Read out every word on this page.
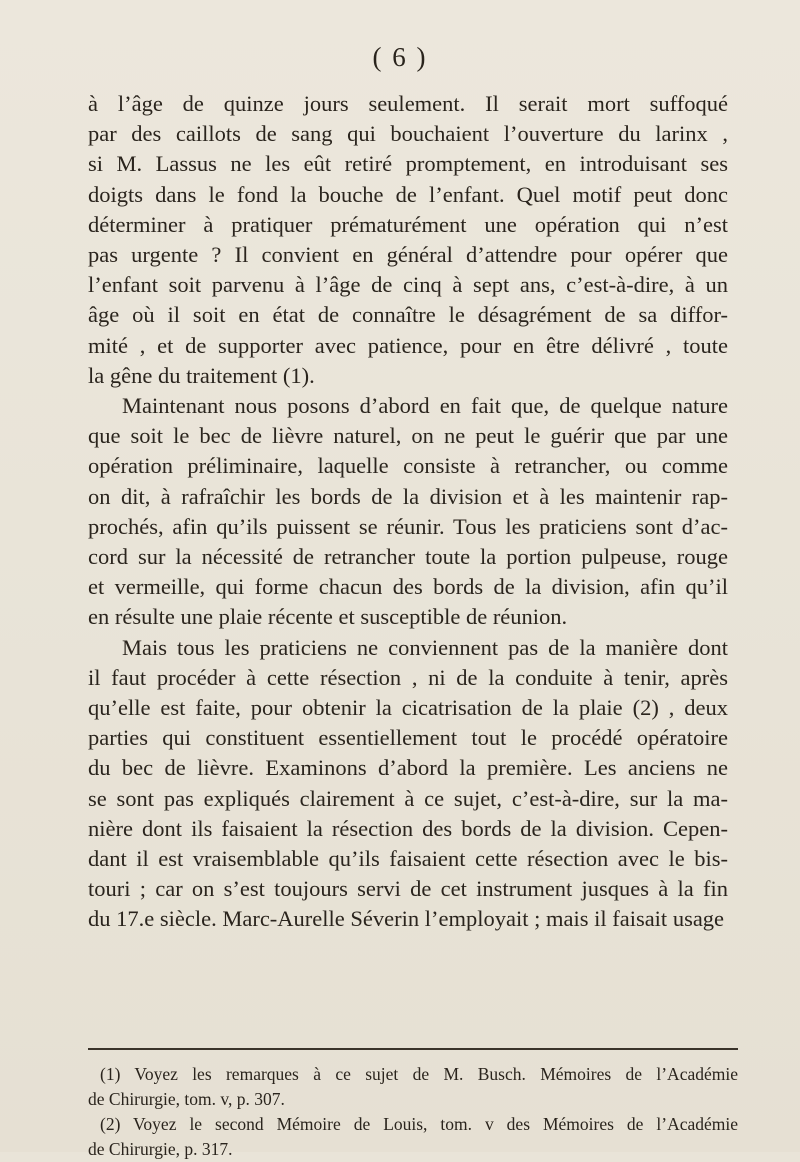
( 6 )

à l’âge de quinze jours seulement. Il serait mort suffoqué
par des caillots de sang qui bouchaient l’ouverture du larinx ,
si M. Lassus ne les eût retiré promptement, en introduisant ses
doigts dans le fond la bouche de l’enfant. Quel motif peut donc
déterminer à pratiquer prématurément une opération qui n’est
pas urgente ? Il convient en général d’attendre pour opérer que
l’enfant soit parvenu à l’âge de cinq à sept ans, c’est-à-dire, à un
âge où il soit en état de connaître le désagrément de sa diffor-
mité , et de supporter avec patience, pour en être délivré , toute
la gêne du traitement (1).

Maintenant nous posons d’abord en fait que, de quelque nature
que soit le bec de lièvre naturel, on ne peut le guérir que par une
opération préliminaire, laquelle consiste à retrancher, ou comme
on dit, à rafraîchir les bords de la division et à les maintenir rap-
prochés, afin qu’ils puissent se réunir. Tous les praticiens sont d’ac-
cord sur la nécessité de retrancher toute la portion pulpeuse, rouge
et vermeille, qui forme chacun des bords de la division, afin qu’il
en résulte une plaie récente et susceptible de réunion.

Mais tous les praticiens ne conviennent pas de la manière dont
il faut procéder à cette résection , ni de la conduite à tenir, après
qu’elle est faite, pour obtenir la cicatrisation de la plaie (2) , deux
parties qui constituent essentiellement tout le procédé opératoire
du bec de lièvre. Examinons d’abord la première. Les anciens ne
se sont pas expliqués clairement à ce sujet, c’est-à-dire, sur la ma-
nière dont ils faisaient la résection des bords de la division. Cepen-
dant il est vraisemblable qu’ils faisaient cette résection avec le bis-
touri ; car on s’est toujours servi de cet instrument jusques à la fin
du 17.e siècle. Marc-Aurelle Séverin l’employait ; mais il faisait usage

(1) Voyez les remarques à ce sujet de M. Busch. Mémoires de l’Académie
de Chirurgie, tom. v, p. 307.

(2) Voyez le second Mémoire de Louis, tom. v des Mémoires de l’Académie
de Chirurgie, p. 317.
